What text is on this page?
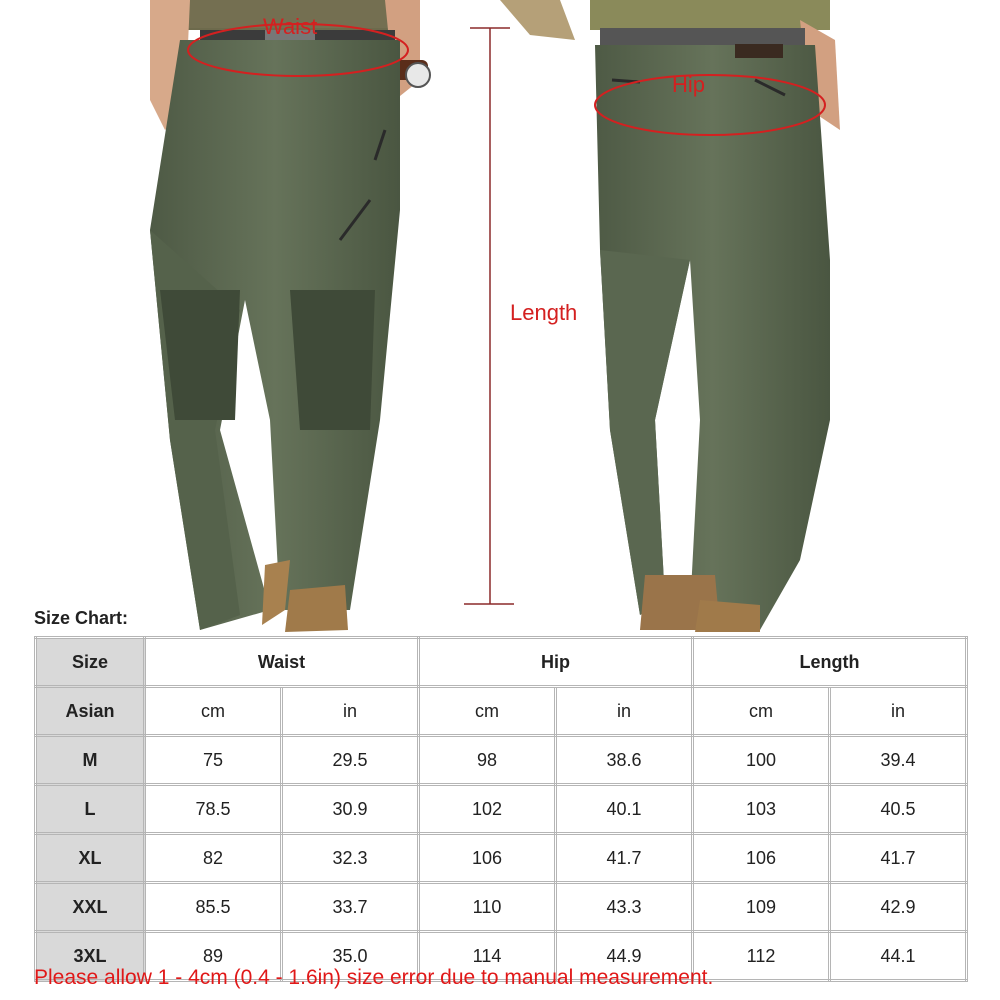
Waist
Hip
Length
Size Chart:
Size	Waist		Hip		Length	
Asian	cm	in	cm	in	cm	in
M	75	29.5	98	38.6	100	39.4
L	78.5	30.9	102	40.1	103	40.5
XL	82	32.3	106	41.7	106	41.7
XXL	85.5	33.7	110	43.3	109	42.9
3XL	89	35.0	114	44.9	112	44.1
Please allow 1 - 4cm (0.4 - 1.6in) size error due to manual measurement.
